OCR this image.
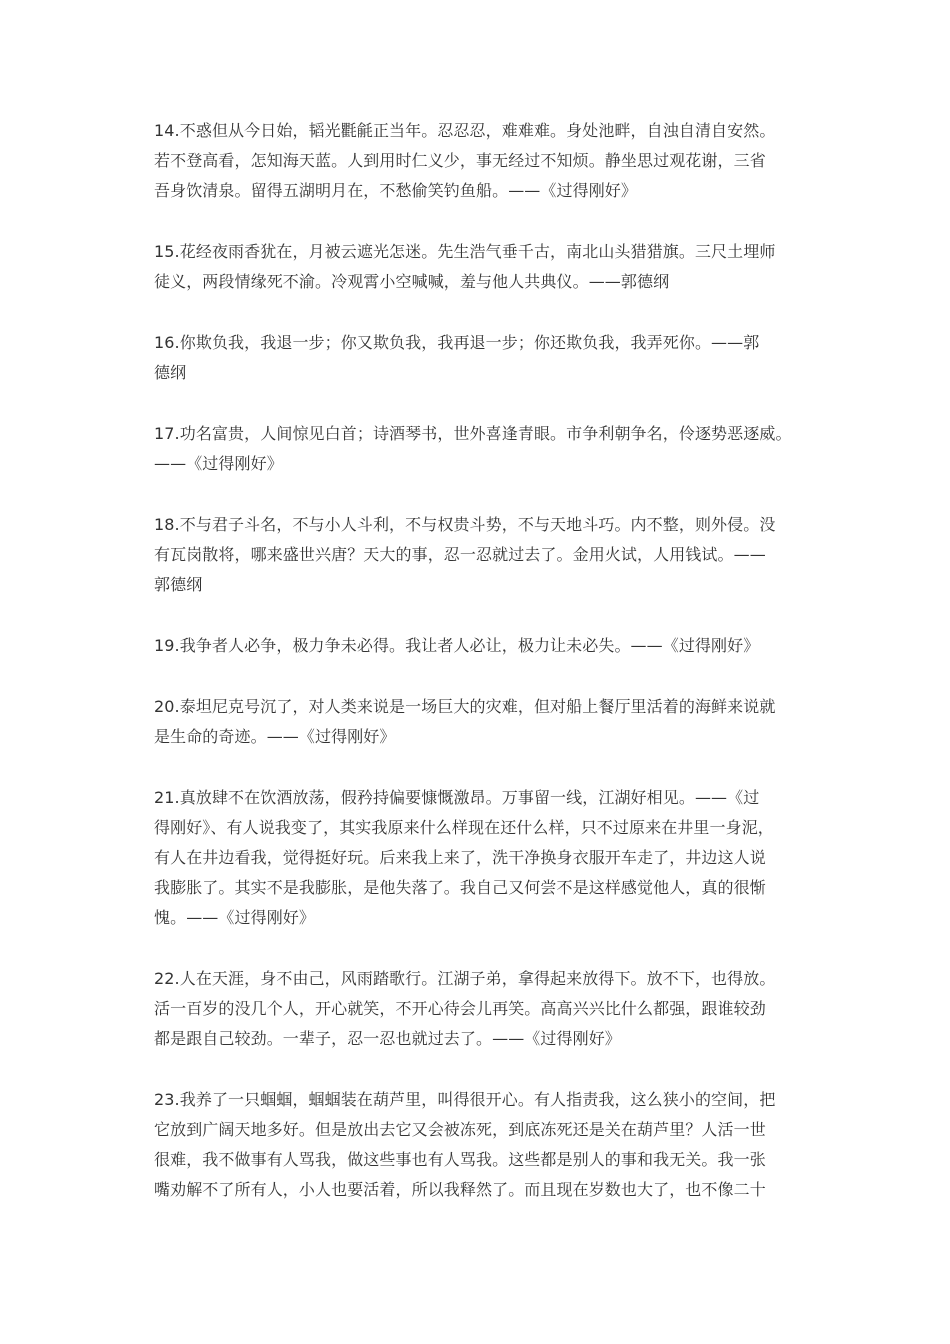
14.不惑但从今日始，韬光氍毹正当年。忍忍忍，难难难。身处池畔，自浊自清自安然。
若不登高看，怎知海天蓝。人到用时仁义少，事无经过不知烦。静坐思过观花谢，三省
吾身饮清泉。留得五湖明月在，不愁偷笑钓鱼船。——《过得刚好》

15.花经夜雨香犹在，月被云遮光怎迷。先生浩气垂千古，南北山头猎猎旗。三尺土埋师
徒义，两段情缘死不渝。冷观霄小空喊喊，羞与他人共典仪。——郭德纲

16.你欺负我，我退一步；你又欺负我，我再退一步；你还欺负我，我弄死你。——郭
德纲

17.功名富贵，人间惊见白首；诗酒琴书，世外喜逢青眼。市争利朝争名，伶逐势恶逐威。
——《过得刚好》

18.不与君子斗名，不与小人斗利，不与权贵斗势，不与天地斗巧。内不整，则外侵。没
有瓦岗散将，哪来盛世兴唐？天大的事，忍一忍就过去了。金用火试，人用钱试。——
郭德纲

19.我争者人必争，极力争未必得。我让者人必让，极力让未必失。——《过得刚好》

20.泰坦尼克号沉了，对人类来说是一场巨大的灾难，但对船上餐厅里活着的海鲜来说就
是生命的奇迹。——《过得刚好》

21.真放肆不在饮酒放荡，假矜持偏要慷慨激昂。万事留一线，江湖好相见。——《过
得刚好》、有人说我变了，其实我原来什么样现在还什么样，只不过原来在井里一身泥，
有人在井边看我，觉得挺好玩。后来我上来了，洗干净换身衣服开车走了，井边这人说
我膨胀了。其实不是我膨胀，是他失落了。我自己又何尝不是这样感觉他人，真的很惭
愧。——《过得刚好》

22.人在天涯，身不由己，风雨踏歌行。江湖子弟，拿得起来放得下。放不下，也得放。
活一百岁的没几个人，开心就笑，不开心待会儿再笑。高高兴兴比什么都强，跟谁较劲
都是跟自己较劲。一辈子，忍一忍也就过去了。——《过得刚好》

23.我养了一只蝈蝈，蝈蝈装在葫芦里，叫得很开心。有人指责我，这么狭小的空间，把
它放到广阔天地多好。但是放出去它又会被冻死，到底冻死还是关在葫芦里？人活一世
很难，我不做事有人骂我，做这些事也有人骂我。这些都是别人的事和我无关。我一张
嘴劝解不了所有人，小人也要活着，所以我释然了。而且现在岁数也大了，也不像二十
